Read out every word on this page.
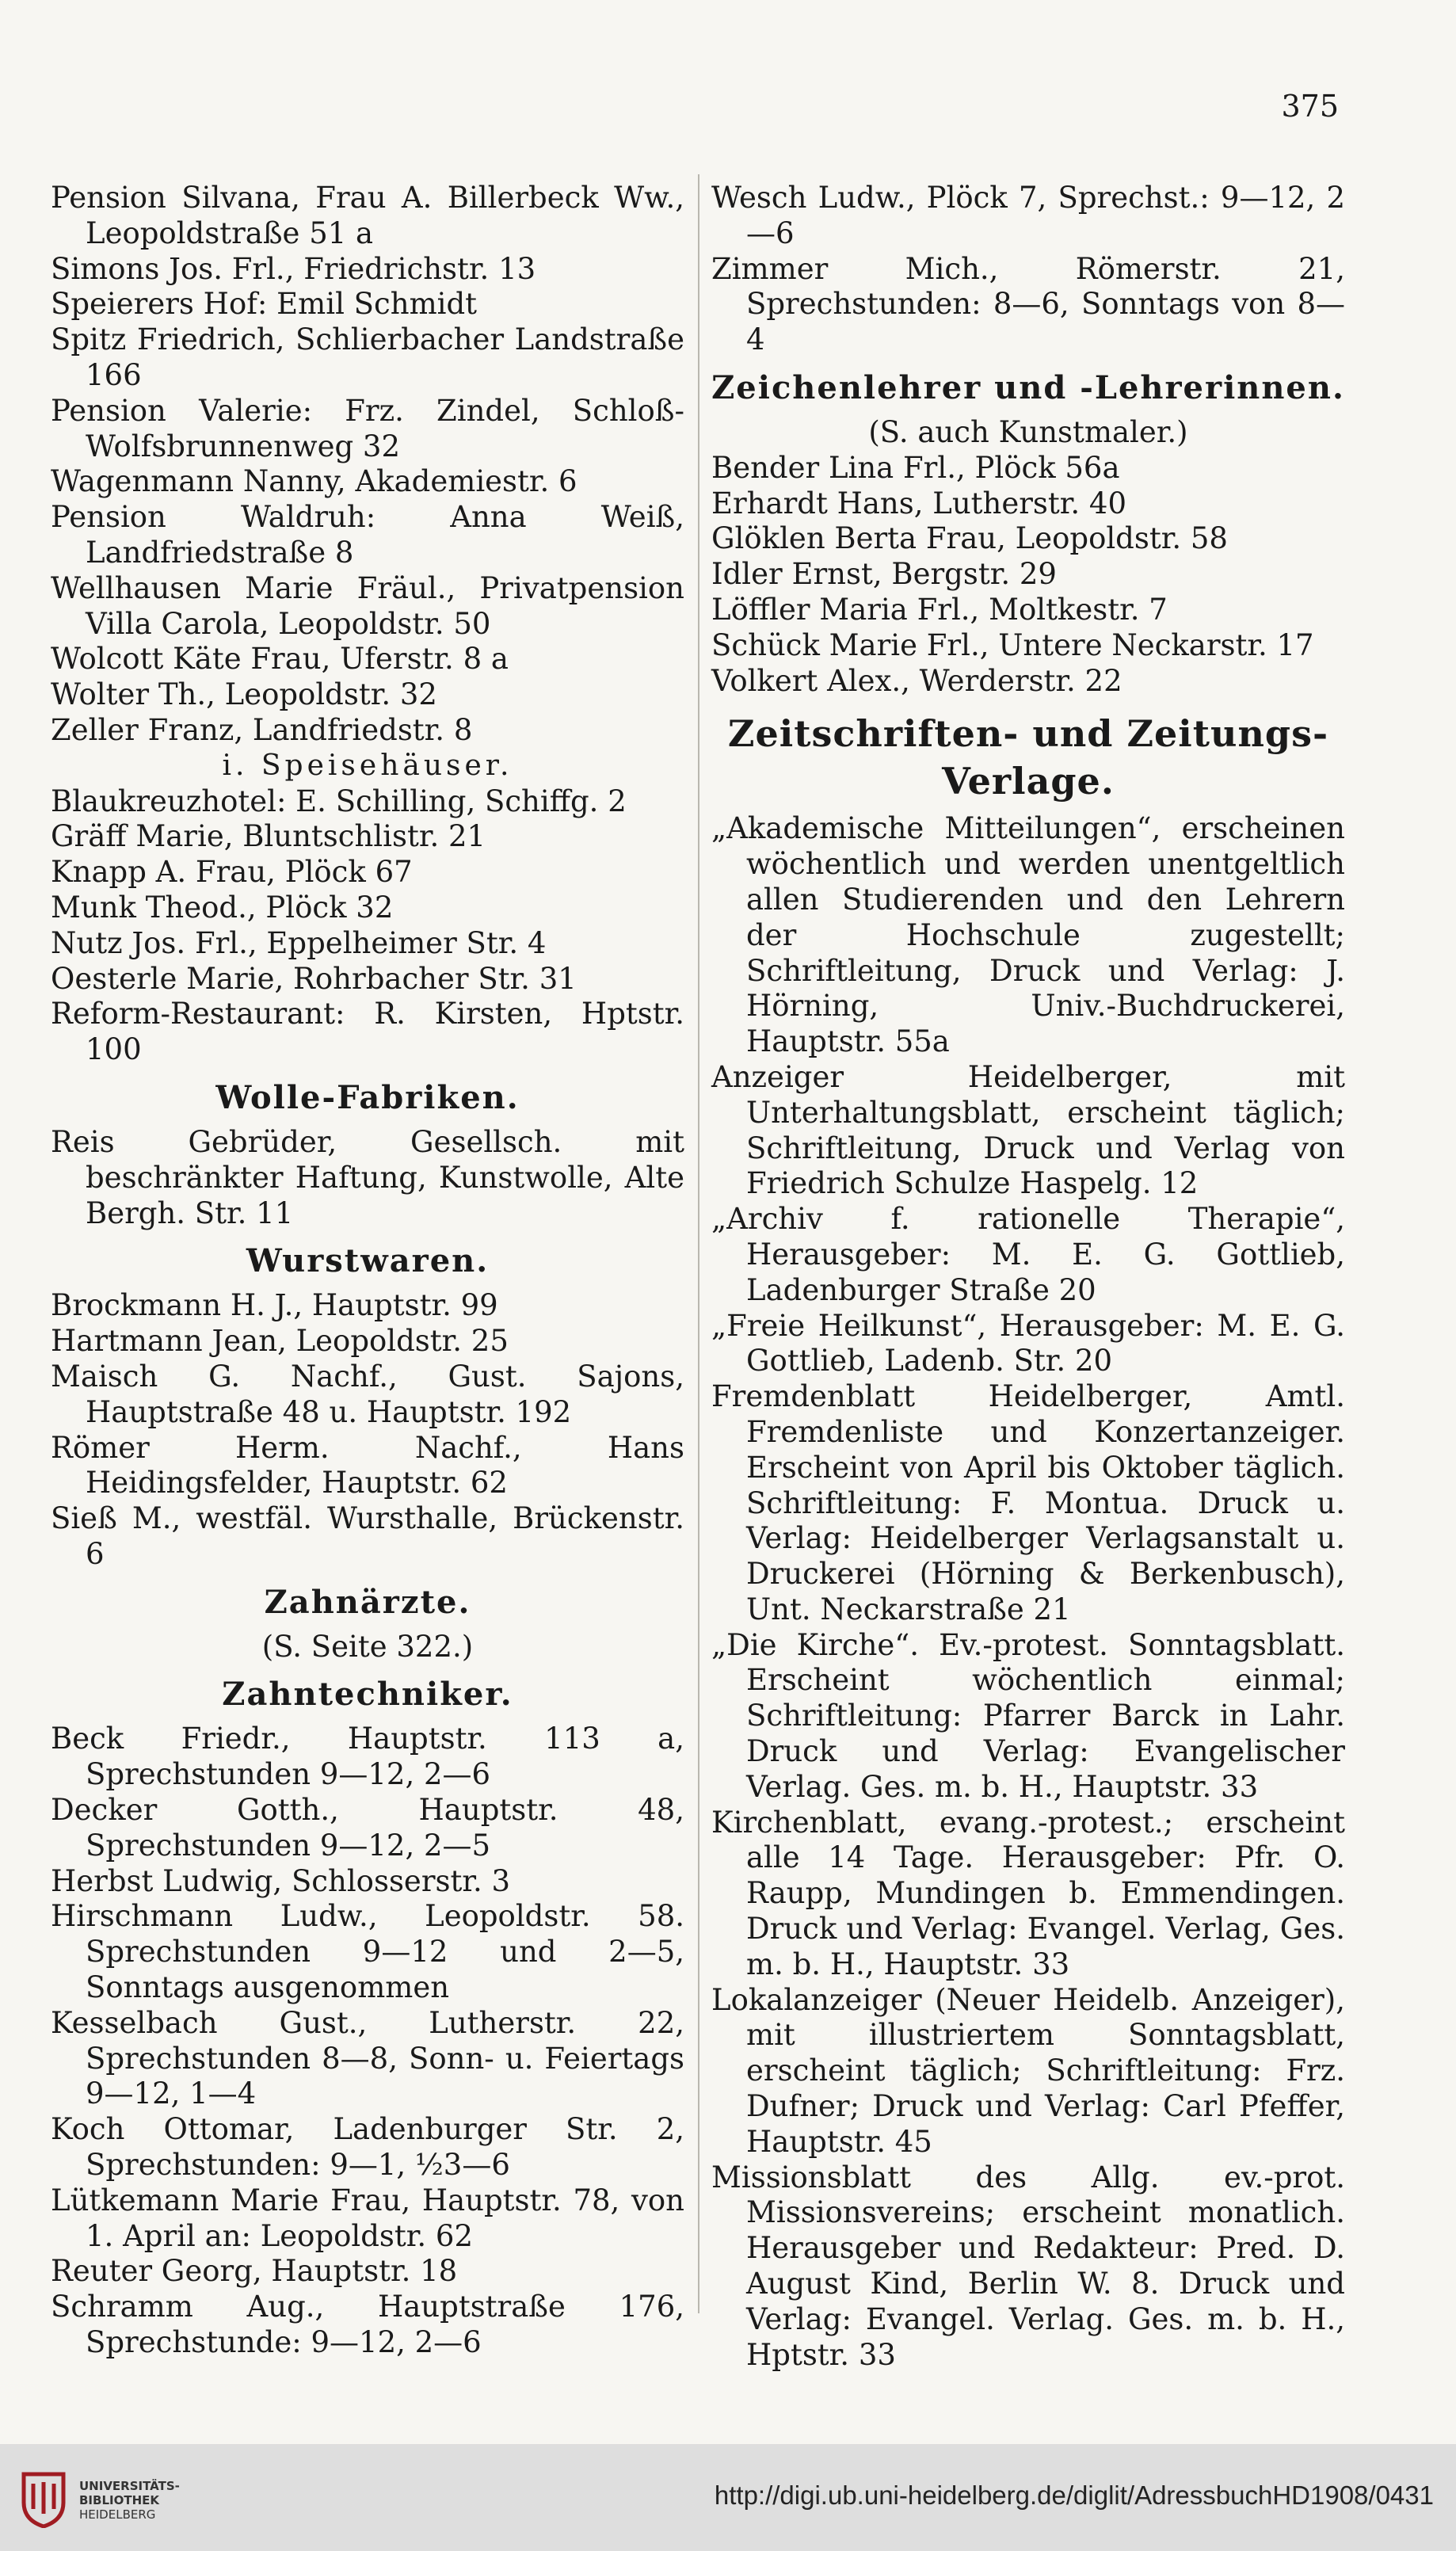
375

Pension Silvana, Frau A. Billerbeck Ww., Leopoldstraße 51 a

Simons Jos. Frl., Friedrichstr. 13

Speierers Hof: Emil Schmidt

Spitz Friedrich, Schlierbacher Landstraße 166

Pension Valerie: Frz. Zindel, Schloß-Wolfsbrunnenweg 32

Wagenmann Nanny, Akademiestr. 6

Pension Waldruh: Anna Weiß, Landfriedstraße 8

Wellhausen Marie Fräul., Privatpension Villa Carola, Leopoldstr. 50

Wolcott Käte Frau, Uferstr. 8 a

Wolter Th., Leopoldstr. 32

Zeller Franz, Landfriedstr. 8

i. Speisehäuser.

Blaukreuzhotel: E. Schilling, Schiffg. 2

Gräff Marie, Bluntschlistr. 21

Knapp A. Frau, Plöck 67

Munk Theod., Plöck 32

Nutz Jos. Frl., Eppelheimer Str. 4

Oesterle Marie, Rohrbacher Str. 31

Reform-Restaurant: R. Kirsten, Hptstr. 100

Wolle-Fabriken.

Reis Gebrüder, Gesellsch. mit beschränkter Haftung, Kunstwolle, Alte Bergh. Str. 11

Wurstwaren.

Brockmann H. J., Hauptstr. 99

Hartmann Jean, Leopoldstr. 25

Maisch G. Nachf., Gust. Sajons, Hauptstraße 48 u. Hauptstr. 192

Römer Herm. Nachf., Hans Heidingsfelder, Hauptstr. 62

Sieß M., westfäl. Wursthalle, Brückenstr. 6

Zahnärzte.

(S. Seite 322.)

Zahntechniker.

Beck Friedr., Hauptstr. 113 a, Sprechstunden 9—12, 2—6

Decker Gotth., Hauptstr. 48, Sprechstunden 9—12, 2—5

Herbst Ludwig, Schlosserstr. 3

Hirschmann Ludw., Leopoldstr. 58. Sprechstunden 9—12 und 2—5, Sonntags ausgenommen

Kesselbach Gust., Lutherstr. 22, Sprechstunden 8—8, Sonn- u. Feiertags 9—12, 1—4

Koch Ottomar, Ladenburger Str. 2, Sprechstunden: 9—1, ½3—6

Lütkemann Marie Frau, Hauptstr. 78, von 1. April an: Leopoldstr. 62

Reuter Georg, Hauptstr. 18

Schramm Aug., Hauptstraße 176, Sprechstunde: 9—12, 2—6

Wesch Ludw., Plöck 7, Sprechst.: 9—12, 2—6

Zimmer Mich., Römerstr. 21, Sprechstunden: 8—6, Sonntags von 8—4

Zeichenlehrer und -Lehrerinnen.

(S. auch Kunstmaler.)

Bender Lina Frl., Plöck 56a

Erhardt Hans, Lutherstr. 40

Glöklen Berta Frau, Leopoldstr. 58

Idler Ernst, Bergstr. 29

Löffler Maria Frl., Moltkestr. 7

Schück Marie Frl., Untere Neckarstr. 17

Volkert Alex., Werderstr. 22

Zeitschriften- und Zeitungs-Verlage.

„Akademische Mitteilungen“, erscheinen wöchentlich und werden unentgeltlich allen Studierenden und den Lehrern der Hochschule zugestellt; Schriftleitung, Druck und Verlag: J. Hörning, Univ.-Buchdruckerei, Hauptstr. 55a

Anzeiger Heidelberger, mit Unterhaltungsblatt, erscheint täglich; Schriftleitung, Druck und Verlag von Friedrich Schulze Haspelg. 12

„Archiv f. rationelle Therapie“, Herausgeber: M. E. G. Gottlieb, Ladenburger Straße 20

„Freie Heilkunst“, Herausgeber: M. E. G. Gottlieb, Ladenb. Str. 20

Fremdenblatt Heidelberger, Amtl. Fremdenliste und Konzertanzeiger. Erscheint von April bis Oktober täglich. Schriftleitung: F. Montua. Druck u. Verlag: Heidelberger Verlagsanstalt u. Druckerei (Hörning & Berkenbusch), Unt. Neckarstraße 21

„Die Kirche“. Ev.-protest. Sonntagsblatt. Erscheint wöchentlich einmal; Schriftleitung: Pfarrer Barck in Lahr. Druck und Verlag: Evangelischer Verlag. Ges. m. b. H., Hauptstr. 33

Kirchenblatt, evang.-protest.; erscheint alle 14 Tage. Herausgeber: Pfr. O. Raupp, Mundingen b. Emmendingen. Druck und Verlag: Evangel. Verlag, Ges. m. b. H., Hauptstr. 33

Lokalanzeiger (Neuer Heidelb. Anzeiger), mit illustriertem Sonntagsblatt, erscheint täglich; Schriftleitung: Frz. Dufner; Druck und Verlag: Carl Pfeffer, Hauptstr. 45

Missionsblatt des Allg. ev.-prot. Missionsvereins; erscheint monatlich. Herausgeber und Redakteur: Pred. D. August Kind, Berlin W. 8. Druck und Verlag: Evangel. Verlag. Ges. m. b. H., Hptstr. 33

UNIVERSITÄTS-
BIBLIOTHEK
HEIDELBERG
http://digi.ub.uni-heidelberg.de/diglit/AdressbuchHD1908/0431
